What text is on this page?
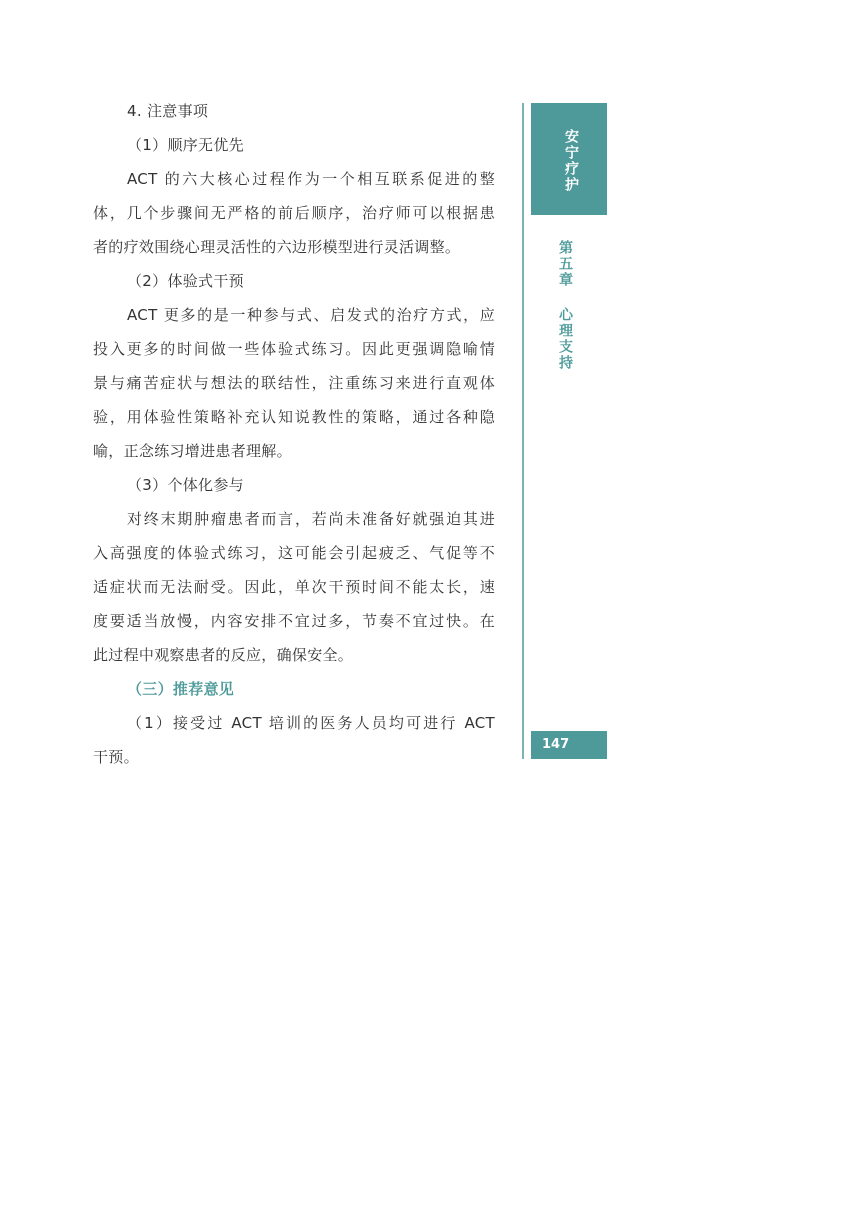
4. 注意事项
（1）顺序无优先
ACT 的六大核心过程作为一个相互联系促进的整
体，几个步骤间无严格的前后顺序，治疗师可以根据患
者的疗效围绕心理灵活性的六边形模型进行灵活调整。
（2）体验式干预
ACT 更多的是一种参与式、启发式的治疗方式，应
投入更多的时间做一些体验式练习。因此更强调隐喻情
景与痛苦症状与想法的联结性，注重练习来进行直观体
验，用体验性策略补充认知说教性的策略，通过各种隐
喻，正念练习增进患者理解。
（3）个体化参与
对终末期肿瘤患者而言，若尚未准备好就强迫其进
入高强度的体验式练习，这可能会引起疲乏、气促等不
适症状而无法耐受。因此，单次干预时间不能太长，速
度要适当放慢，内容安排不宜过多，节奏不宜过快。在
此过程中观察患者的反应，确保安全。
（三）推荐意见
（1）接受过 ACT 培训的医务人员均可进行 ACT
干预。
安宁疗护
第五章
心理支持
147
